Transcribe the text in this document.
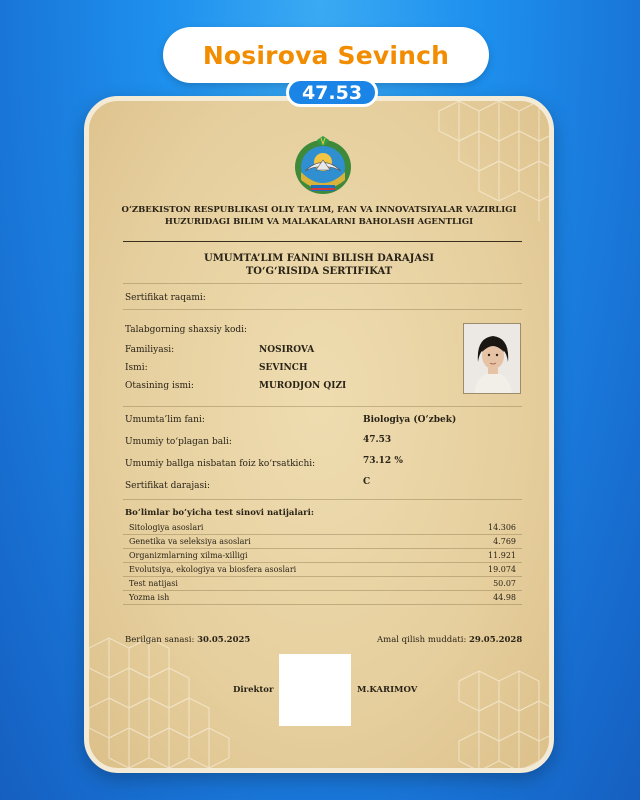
Nosirova Sevinch
47.53
O‘ZBEKISTON RESPUBLIKASI OLIY TA’LIM, FAN VA INNOVATSIYALAR VAZIRLIGI
HUZURIDAGI BILIM VA MALAKALARNI BAHOLASH AGENTLIGI
UMUMTA’LIM FANINI BILISH DARAJASI
TO‘G‘RISIDA SERTIFIKAT
Sertifikat raqami:
Talabgorning shaxsiy kodi:
Familiyasi:	NOSIROVA
Ismi:	SEVINCH
Otasining ismi:	MURODJON QIZI
Umumta’lim fani:	Biologiya (O‘zbek)
Umumiy to‘plagan bali:	47.53
Umumiy ballga nisbatan foiz ko‘rsatkichi:	73.12 %
Sertifikat darajasi:	C
Bo‘limlar bo‘yicha test sinovi natijalari:
Sitologiya asoslari	14.306
Genetika va seleksiya asoslari	4.769
Organizmlarning xilma-xilligi	11.921
Evolutsiya, ekologiya va biosfera asoslari	19.074
Test natijasi	50.07
Yozma ish	44.98
Berilgan sanasi: 30.05.2025	Amal qilish muddati: 29.05.2028
Direktor	M.KARIMOV
